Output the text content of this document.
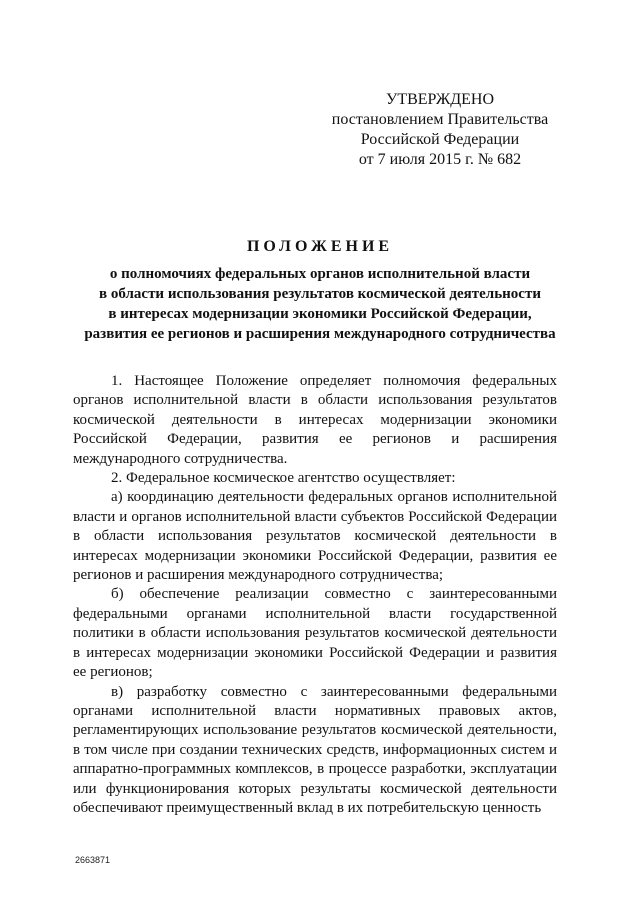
УТВЕРЖДЕНО
постановлением Правительства
Российской Федерации
от 7 июля 2015 г. № 682
ПОЛОЖЕНИЕ
о полномочиях федеральных органов исполнительной власти
в области использования результатов космической деятельности
в интересах модернизации экономики Российской Федерации,
развития ее регионов и расширения международного сотрудничества

1. Настоящее Положение определяет полномочия федеральных органов исполнительной власти в области использования результатов космической деятельности в интересах модернизации экономики Российской Федерации, развития ее регионов и расширения международного сотрудничества.

2. Федеральное космическое агентство осуществляет:

а) координацию деятельности федеральных органов исполнительной власти и органов исполнительной власти субъектов Российской Федерации в области использования результатов космической деятельности в интересах модернизации экономики Российской Федерации, развития ее регионов и расширения международного сотрудничества;

б) обеспечение реализации совместно с заинтересованными федеральными органами исполнительной власти государственной политики в области использования результатов космической деятельности в интересах модернизации экономики Российской Федерации и развития ее регионов;

в) разработку совместно с заинтересованными федеральными органами исполнительной власти нормативных правовых актов, регламентирующих использование результатов космической деятельности, в том числе при создании технических средств, информационных систем и аппаратно-программных комплексов, в процессе разработки, эксплуатации или функционирования которых результаты космической деятельности обеспечивают преимущественный вклад в их потребительскую ценность

2663871
